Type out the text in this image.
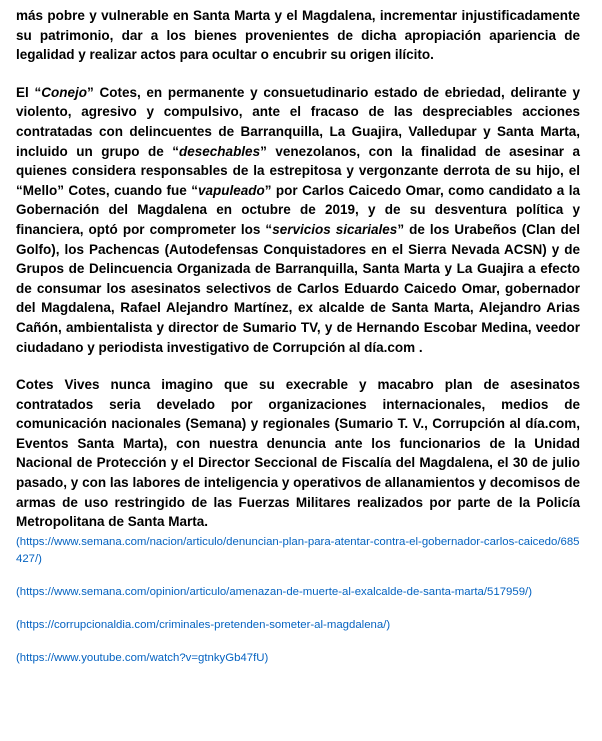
más pobre y vulnerable en Santa Marta y el Magdalena, incrementar injustificadamente su patrimonio, dar a los bienes provenientes de dicha apropiación apariencia de legalidad y realizar actos para ocultar o encubrir su origen ilícito.

El “Conejo” Cotes, en permanente y consuetudinario estado de ebriedad, delirante y violento, agresivo y compulsivo, ante el fracaso de las despreciables acciones contratadas con delincuentes de Barranquilla, La Guajira, Valledupar y Santa Marta, incluido un grupo de “desechables” venezolanos, con la finalidad de asesinar a quienes considera responsables de la estrepitosa y vergonzante derrota de su hijo, el “Mello” Cotes, cuando fue “vapuleado” por Carlos Caicedo Omar, como candidato a la Gobernación del Magdalena en octubre de 2019, y de su desventura política y financiera, optó por comprometer los “servicios sicariales” de los Urabeños (Clan del Golfo), los Pachencas (Autodefensas Conquistadores en el Sierra Nevada ACSN) y de Grupos de Delincuencia Organizada de Barranquilla, Santa Marta y La Guajira a efecto de consumar los asesinatos selectivos de Carlos Eduardo Caicedo Omar, gobernador del Magdalena, Rafael Alejandro Martínez, ex alcalde de Santa Marta, Alejandro Arias Cañón, ambientalista y director de Sumario TV, y de Hernando Escobar Medina, veedor ciudadano y periodista investigativo de Corrupción al día.com .

Cotes Vives nunca imagino que su execrable y macabro plan de asesinatos contratados seria develado por organizaciones internacionales, medios de comunicación nacionales (Semana) y regionales (Sumario T. V., Corrupción al día.com, Eventos Santa Marta), con nuestra denuncia ante los funcionarios de la Unidad Nacional de Protección y el Director Seccional de Fiscalía del Magdalena, el 30 de julio pasado, y con las labores de inteligencia y operativos de allanamientos y decomisos de armas de uso restringido de las Fuerzas Militares realizados por parte de la Policía Metropolitana de Santa Marta.

(https://www.semana.com/nacion/articulo/denuncian-plan-para-atentar-contra-el-gobernador-carlos-caicedo/685427/)
(https://www.semana.com/opinion/articulo/amenazan-de-muerte-al-exalcalde-de-santa-marta/517959/)
(https://corrupcionaldia.com/criminales-pretenden-someter-al-magdalena/)
(https://www.youtube.com/watch?v=gtnkyGb47fU)
